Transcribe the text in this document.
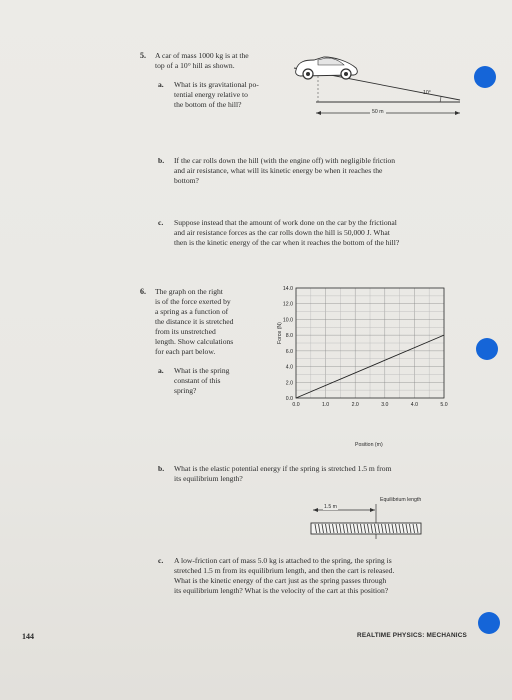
5. A car of mass 1000 kg is at the
top of a 10° hill as shown.
a. What is its gravitational po-
tential energy relative to
the bottom of the hill?
10°
50 m
b. If the car rolls down the hill (with the engine off) with negligible friction
and air resistance, what will its kinetic energy be when it reaches the
bottom?
c. Suppose instead that the amount of work done on the car by the frictional
and air resistance forces as the car rolls down the hill is 50,000 J. What
then is the kinetic energy of the car when it reaches the bottom of the hill?
6. The graph on the right
is of the force exerted by
a spring as a function of
the distance it is stretched
from its unstretched
length. Show calculations
for each part below.
a. What is the spring
constant of this
spring?
0.0
2.0
4.0
6.0
8.0
10.0
12.0
14.0
0.0	1.0	2.0	3.0	4.0	5.0
Force (N)
Position (m)
b. What is the elastic potential energy if the spring is stretched 1.5 m from
its equilibrium length?
1.5 m
Equilibrium length
c. A low-friction cart of mass 5.0 kg is attached to the spring, the spring is
stretched 1.5 m from its equilibrium length, and then the cart is released.
What is the kinetic energy of the cart just as the spring passes through
its equilibrium length? What is the velocity of the cart at this position?
144	REALTIME PHYSICS: MECHANICS
